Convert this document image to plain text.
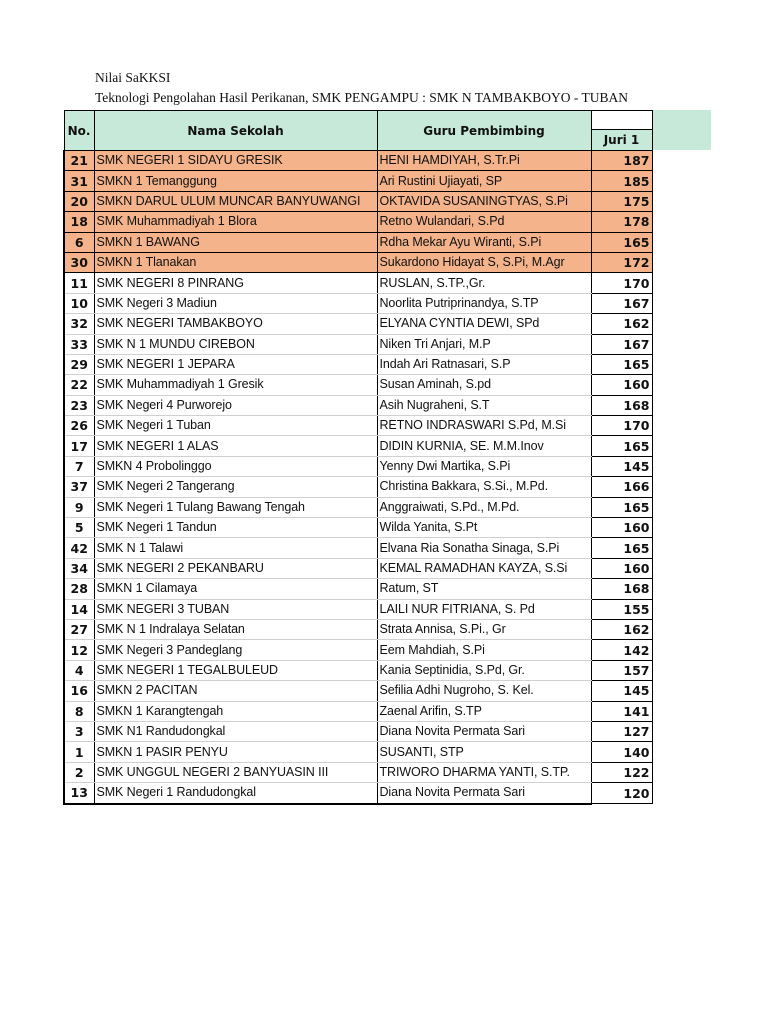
Nilai SaKKSI
Teknologi Pengolahan Hasil Perikanan, SMK PENGAMPU : SMK N TAMBAKBOYO - TUBAN
No.	Nama Sekolah	Guru Pembimbing	Juri 1

21	SMK NEGERI 1 SIDAYU GRESIK	HENI HAMDIYAH, S.Tr.Pi	187
31	SMKN 1 Temanggung	Ari Rustini Ujiayati, SP	185
20	SMKN DARUL ULUM MUNCAR BANYUWANGI	OKTAVIDA SUSANINGTYAS, S.Pi	175
18	SMK Muhammadiyah 1 Blora	Retno Wulandari, S.Pd	178
6	SMKN 1 BAWANG	Rdha Mekar Ayu Wiranti, S.Pi	165
30	SMKN 1 Tlanakan	Sukardono Hidayat S, S.Pi, M.Agr	172
11	SMK NEGERI 8 PINRANG	RUSLAN, S.TP.,Gr.	170
10	SMK Negeri 3 Madiun	Noorlita Putriprinandya, S.TP	167
32	SMK NEGERI TAMBAKBOYO	ELYANA CYNTIA DEWI, SPd	162
33	SMK N 1 MUNDU CIREBON	Niken Tri Anjari, M.P	167
29	SMK NEGERI 1 JEPARA	Indah Ari Ratnasari, S.P	165
22	SMK Muhammadiyah 1 Gresik	Susan Aminah, S.pd	160
23	SMK Negeri 4 Purworejo	Asih Nugraheni, S.T	168
26	SMK Negeri 1 Tuban	RETNO INDRASWARI S.Pd, M.Si	170
17	SMK NEGERI 1 ALAS	DIDIN KURNIA, SE. M.M.Inov	165
7	SMKN 4 Probolinggo	Yenny Dwi Martika, S.Pi	145
37	SMK Negeri 2 Tangerang	Christina Bakkara, S.Si., M.Pd.	166
9	SMK Negeri 1 Tulang Bawang Tengah	Anggraiwati, S.Pd., M.Pd.	165
5	SMK Negeri 1 Tandun	Wilda Yanita, S.Pt	160
42	SMK N 1 Talawi	Elvana Ria Sonatha Sinaga, S.Pi	165
34	SMK NEGERI 2 PEKANBARU	KEMAL RAMADHAN KAYZA, S.Si	160
28	SMKN 1 Cilamaya	Ratum, ST	168
14	SMK NEGERI 3 TUBAN	LAILI NUR FITRIANA, S. Pd	155
27	SMK N 1 Indralaya Selatan	Strata Annisa, S.Pi., Gr	162
12	SMK Negeri 3 Pandeglang	Eem Mahdiah, S.Pi	142
4	SMK NEGERI 1 TEGALBULEUD	Kania Septinidia, S.Pd, Gr.	157
16	SMKN 2 PACITAN	Sefilia Adhi Nugroho, S. Kel.	145
8	SMKN 1 Karangtengah	Zaenal Arifin, S.TP	141
3	SMK N1 Randudongkal	Diana Novita Permata Sari	127
1	SMKN 1 PASIR PENYU	SUSANTI, STP	140
2	SMK UNGGUL NEGERI 2 BANYUASIN III	TRIWORO DHARMA YANTI, S.TP.	122
13	SMK Negeri 1 Randudongkal	Diana Novita Permata Sari	120
